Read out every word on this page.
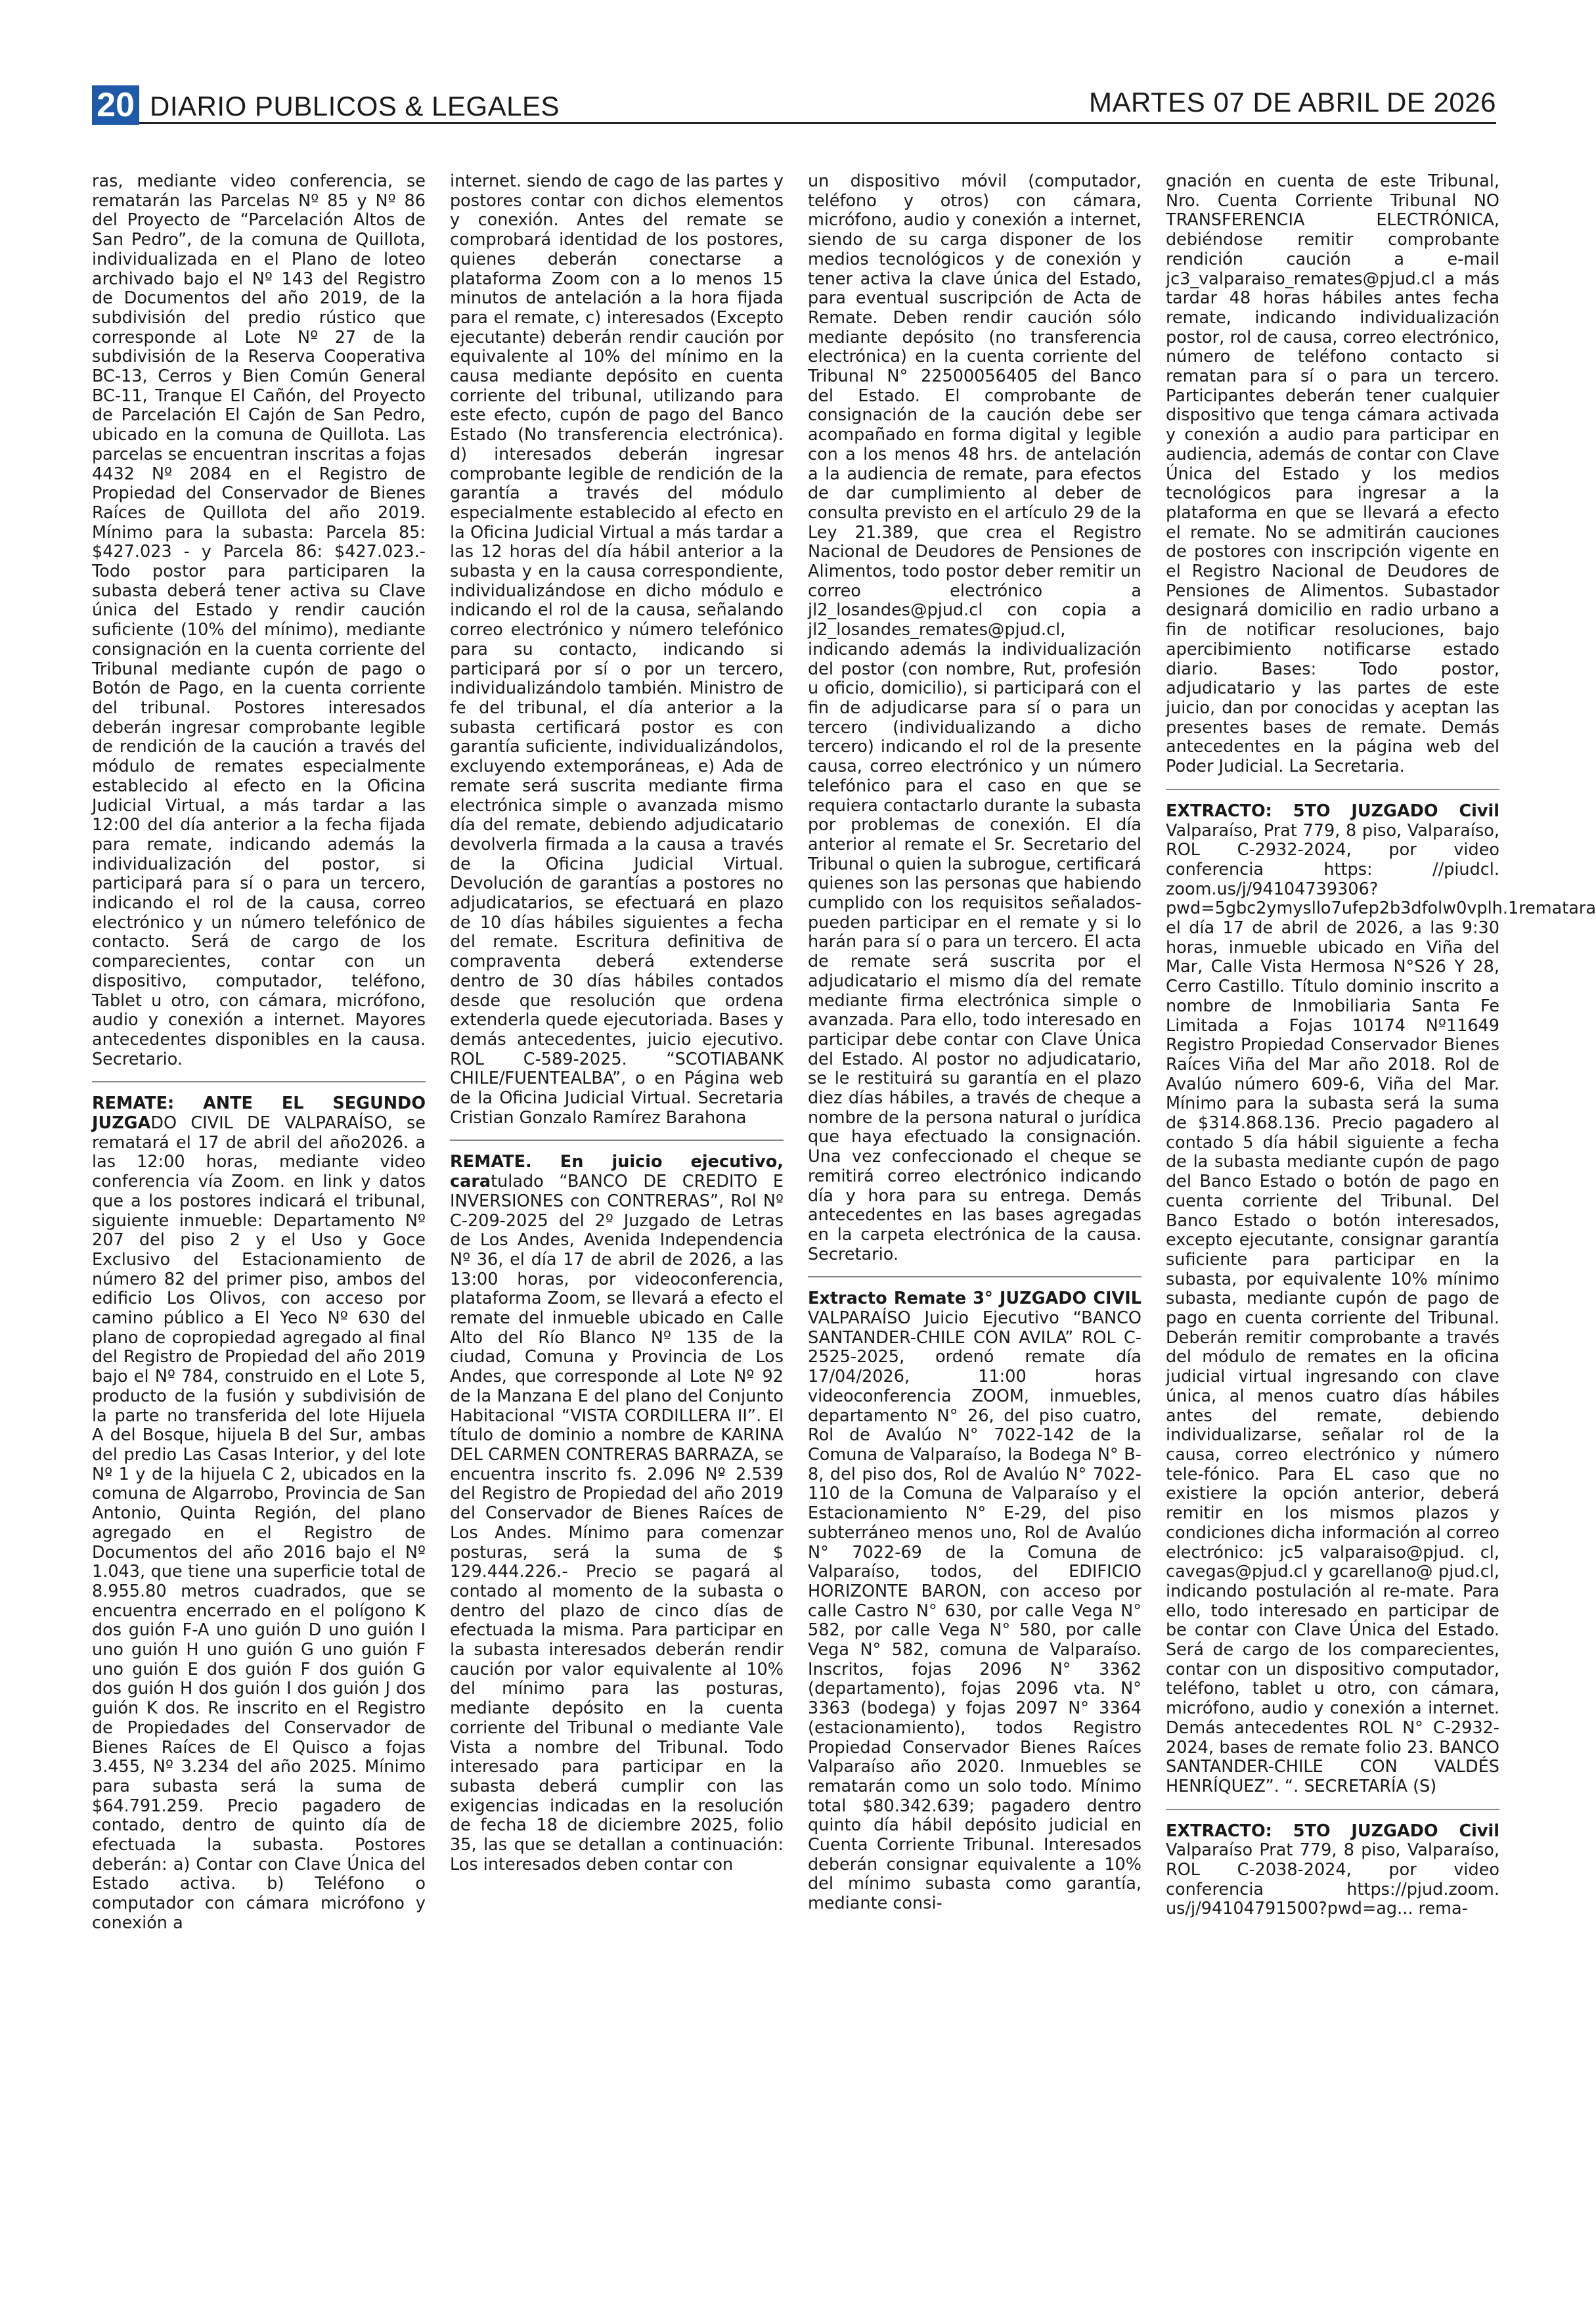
20 DIARIO PUBLICOS & LEGALES	MARTES 07 DE ABRIL DE 2026

ras, mediante video conferencia, se rematarán las Parcelas Nº 85 y Nº 86 del Proyecto de “Parcelación Altos de San Pedro”, de la comuna de Quillota, individualizada en el Plano de loteo archivado bajo el Nº 143 del Registro de Documentos del año 2019, de la subdivisión del predio rústico que corresponde al Lote Nº 27 de la subdivisión de la Reserva Cooperativa BC-13, Cerros y Bien Común General BC-11, Tranque El Cañón, del Proyecto de Parcelación El Cajón de San Pedro, ubicado en la comuna de Quillota. Las parcelas se encuentran inscritas a fojas 4432 Nº 2084 en el Registro de Propiedad del Conservador de Bienes Raíces de Quillota del año 2019. Mínimo para la subasta: Parcela 85: $427.023 - y Parcela 86: $427.023.-Todo postor para participaren la subasta deberá tener activa su Clave única del Estado y rendir caución suficiente (10% del mínimo), mediante consignación en la cuenta corriente del Tribunal mediante cupón de pago o Botón de Pago, en la cuenta corriente del tribunal. Postores interesados deberán ingresar comprobante legible de rendición de la caución a través del módulo de remates especialmente establecido al efecto en la Oficina Judicial Virtual, a más tardar a las 12:00 del día anterior a la fecha fijada para remate, indicando además la individualización del postor, si participará para sí o para un tercero, indicando el rol de la causa, correo electrónico y un número telefónico de contacto. Será de cargo de los comparecientes, contar con un dispositivo, computador, teléfono, Tablet u otro, con cámara, micrófono, audio y conexión a internet. Mayores antecedentes disponibles en la causa. Secretario.

REMATE: ANTE EL SEGUNDO JUZGADO CIVIL DE VALPARAÍSO, se rematará el 17 de abril del año2026. a las 12:00 horas, mediante video conferencia vía Zoom. en link y datos que a los postores indicará el tribunal, siguiente inmueble: Departamento Nº 207 del piso 2 y el Uso y Goce Exclusivo del Estacionamiento de número 82 del primer piso, ambos del edificio Los Olivos, con acceso por camino público a El Yeco Nº 630 del plano de copropiedad agregado al final del Registro de Propiedad del año 2019 bajo el Nº 784, construido en el Lote 5, producto de la fusión y subdivisión de la parte no transferida del lote Hijuela A del Bosque, hijuela B del Sur, ambas del predio Las Casas Interior, y del lote Nº 1 y de la hijuela C 2, ubicados en la comuna de Algarrobo, Provincia de San Antonio, Quinta Región, del plano agregado en el Registro de Documentos del año 2016 bajo el Nº 1.043, que tiene una superficie total de 8.955.80 metros cuadrados, que se encuentra encerrado en el polígono K dos guión F-A uno guión D uno guión I uno guión H uno guión G uno guión F uno guión E dos guión F dos guión G dos guión H dos guión I dos guión J dos guión K dos. Re inscrito en el Registro de Propiedades del Conservador de Bienes Raíces de El Quisco a fojas 3.455, Nº 3.234 del año 2025. Mínimo para subasta será la suma de $64.791.259. Precio pagadero de contado, dentro de quinto día de efectuada la subasta. Postores deberán: a) Contar con Clave Única del Estado activa. b) Teléfono o computador con cámara micrófono y conexión a

internet. siendo de cago de las partes y postores contar con dichos elementos y conexión. Antes del remate se comprobará identidad de los postores, quienes deberán conectarse a plataforma Zoom con a lo menos 15 minutos de antelación a la hora fijada para el remate, c) interesados (Excepto ejecutante) deberán rendir caución por equivalente al 10% del mínimo en la causa mediante depósito en cuenta corriente del tribunal, utilizando para este efecto, cupón de pago del Banco Estado (No transferencia electrónica). d) interesados deberán ingresar comprobante legible de rendición de la garantía a través del módulo especialmente establecido al efecto en la Oficina Judicial Virtual a más tardar a las 12 horas del día hábil anterior a la subasta y en la causa correspondiente, individualizándose en dicho módulo e indicando el rol de la causa, señalando correo electrónico y número telefónico para su contacto, indicando si participará por sí o por un tercero, individualizándolo también. Ministro de fe del tribunal, el día anterior a la subasta certificará postor es con garantía suficiente, individualizándolos, excluyendo extemporáneas, e) Ada de remate será suscrita mediante firma electrónica simple o avanzada mismo día del remate, debiendo adjudicatario devolverla firmada a la causa a través de la Oficina Judicial Virtual. Devolución de garantías a postores no adjudicatarios, se efectuará en plazo de 10 días hábiles siguientes a fecha del remate. Escritura definitiva de compraventa deberá extenderse dentro de 30 días hábiles contados desde que resolución que ordena extenderla quede ejecutoriada. Bases y demás antecedentes, juicio ejecutivo. ROL C-589-2025. “SCOTIABANK CHILE/FUENTEALBA”, o en Página web de la Oficina Judicial Virtual. Secretaria Cristian Gonzalo Ramírez Barahona

REMATE. En juicio ejecutivo, caratulado “BANCO DE CREDITO E INVERSIONES con CONTRERAS”, Rol Nº C-209-2025 del 2º Juzgado de Letras de Los Andes, Avenida Independencia Nº 36, el día 17 de abril de 2026, a las 13:00 horas, por videoconferencia, plataforma Zoom, se llevará a efecto el remate del inmueble ubicado en Calle Alto del Río Blanco Nº 135 de la ciudad, Comuna y Provincia de Los Andes, que corresponde al Lote Nº 92 de la Manzana E del plano del Conjunto Habitacional “VISTA CORDILLERA II”. El título de dominio a nombre de KARINA DEL CARMEN CONTRERAS BARRAZA, se encuentra inscrito fs. 2.096 Nº 2.539 del Registro de Propiedad del año 2019 del Conservador de Bienes Raíces de Los Andes. Mínimo para comenzar posturas, será la suma de $ 129.444.226.- Precio se pagará al contado al momento de la subasta o dentro del plazo de cinco días de efectuada la misma. Para participar en la subasta interesados deberán rendir caución por valor equivalente al 10% del mínimo para las posturas, mediante depósito en la cuenta corriente del Tribunal o mediante Vale Vista a nombre del Tribunal. Todo interesado para participar en la subasta deberá cumplir con las exigencias indicadas en la resolución de fecha 18 de diciembre 2025, folio 35, las que se detallan a continuación: Los interesados deben contar con

un dispositivo móvil (computador, teléfono y otros) con cámara, micrófono, audio y conexión a internet, siendo de su carga disponer de los medios tecnológicos y de conexión y tener activa la clave única del Estado, para eventual suscripción de Acta de Remate. Deben rendir caución sólo mediante depósito (no transferencia electrónica) en la cuenta corriente del Tribunal N° 22500056405 del Banco del Estado. El comprobante de consignación de la caución debe ser acompañado en forma digital y legible con a los menos 48 hrs. de antelación a la audiencia de remate, para efectos de dar cumplimiento al deber de consulta previsto en el artículo 29 de la Ley 21.389, que crea el Registro Nacional de Deudores de Pensiones de Alimentos, todo postor deber remitir un correo electrónico a jl2_losandes@pjud.cl con copia a jl2_losandes_remates@pjud.cl, indicando además la individualización del postor (con nombre, Rut, profesión u oficio, domicilio), si participará con el fin de adjudicarse para sí o para un tercero (individualizando a dicho tercero) indicando el rol de la presente causa, correo electrónico y un número telefónico para el caso en que se requiera contactarlo durante la subasta por problemas de conexión. El día anterior al remate el Sr. Secretario del Tribunal o quien la subrogue, certificará quienes son las personas que habiendo cumplido con los requisitos señalados- pueden participar en el remate y si lo harán para sí o para un tercero. El acta de remate será suscrita por el adjudicatario el mismo día del remate mediante firma electrónica simple o avanzada. Para ello, todo interesado en participar debe contar con Clave Única del Estado. Al postor no adjudicatario, se le restituirá su garantía en el plazo diez días hábiles, a través de cheque a nombre de la persona natural o jurídica que haya efectuado la consignación. Una vez confeccionado el cheque se remitirá correo electrónico indicando día y hora para su entrega. Demás antecedentes en las bases agregadas en la carpeta electrónica de la causa. Secretario.

Extracto Remate 3° JUZGADO CIVIL VALPARAÍSO Juicio Ejecutivo “BANCO SANTANDER-CHILE CON AVILA” ROL C-2525-2025, ordenó remate día 17/04/2026, 11:00 horas videoconferencia ZOOM, inmuebles, departamento N° 26, del piso cuatro, Rol de Avalúo N° 7022-142 de la Comuna de Valparaíso, la Bodega N° B-8, del piso dos, Rol de Avalúo N° 7022-110 de la Comuna de Valparaíso y el Estacionamiento N° E-29, del piso subterráneo menos uno, Rol de Avalúo N° 7022-69 de la Comuna de Valparaíso, todos, del EDIFICIO HORIZONTE BARON, con acceso por calle Castro N° 630, por calle Vega N° 582, por calle Vega N° 580, por calle Vega N° 582, comuna de Valparaíso. Inscritos, fojas 2096 N° 3362 (departamento), fojas 2096 vta. N° 3363 (bodega) y fojas 2097 N° 3364 (estacionamiento), todos Registro Propiedad Conservador Bienes Raíces Valparaíso año 2020. Inmuebles se rematarán como un solo todo. Mínimo total $80.342.639; pagadero dentro quinto día hábil depósito judicial en Cuenta Corriente Tribunal. Interesados deberán consignar equivalente a 10% del mínimo subasta como garantía, mediante consi-

gnación en cuenta de este Tribunal, Nro. Cuenta Corriente Tribunal NO TRANSFERENCIA ELECTRÓNICA, debiéndose remitir comprobante rendición caución a e-mail jc3_valparaiso_remates@pjud.cl a más tardar 48 horas hábiles antes fecha remate, indicando individualización postor, rol de causa, correo electrónico, número de teléfono contacto si rematan para sí o para un tercero. Participantes deberán tener cualquier dispositivo que tenga cámara activada y conexión a audio para participar en audiencia, además de contar con Clave Única del Estado y los medios tecnológicos para ingresar a la plataforma en que se llevará a efecto el remate. No se admitirán cauciones de postores con inscripción vigente en el Registro Nacional de Deudores de Pensiones de Alimentos. Subastador designará domicilio en radio urbano a fin de notificar resoluciones, bajo apercibimiento notificarse estado diario. Bases: Todo postor, adjudicatario y las partes de este juicio, dan por conocidas y aceptan las presentes bases de remate. Demás antecedentes en la página web del Poder Judicial. La Secretaria.

EXTRACTO: 5TO JUZGADO Civil Valparaíso, Prat 779, 8 piso, Valparaíso, ROL C-2932-2024, por video conferencia https: //piudcl. zoom.us/j/94104739306?pwd=5gbc2ymysllo7ufep2b3dfolw0vplh.1rematara el día 17 de abril de 2026, a las 9:30 horas, inmueble ubicado en Viña del Mar, Calle Vista Hermosa N°S26 Y 28, Cerro Castillo. Título dominio inscrito a nombre de Inmobiliaria Santa Fe Limitada a Fojas 10174 Nº11649 Registro Propiedad Conservador Bienes Raíces Viña del Mar año 2018. Rol de Avalúo número 609-6, Viña del Mar. Mínimo para la subasta será la suma de $314.868.136. Precio pagadero al contado 5 día hábil siguiente a fecha de la subasta mediante cupón de pago del Banco Estado o botón de pago en cuenta corriente del Tribunal. Del Banco Estado o botón interesados, excepto ejecutante, consignar garantía suficiente para participar en la subasta, por equivalente 10% mínimo subasta, mediante cupón de pago de pago en cuenta corriente del Tribunal. Deberán remitir comprobante a través del módulo de remates en la oficina judicial virtual ingresando con clave única, al menos cuatro días hábiles antes del remate, debiendo individualizarse, señalar rol de la causa, correo electrónico y número tele-fónico. Para EL caso que no existiere la opción anterior, deberá remitir en los mismos plazos y condiciones dicha información al correo electrónico: jc5 valparaiso@pjud. cl, cavegas@pjud.cl y gcarellano@ pjud.cl, indicando postulación al re-mate. Para ello, todo interesado en participar de be contar con Clave Única del Estado. Será de cargo de los comparecientes, contar con un dispositivo computador, teléfono, tablet u otro, con cámara, micrófono, audio y conexión a internet. Demás antecedentes ROL N° C-2932-2024, bases de remate folio 23. BANCO SANTANDER-CHILE CON VALDÉS HENRÍQUEZ”. “. SECRETARÍA (S)

EXTRACTO: 5TO JUZGADO Civil Valparaíso Prat 779, 8 piso, Valparaíso, ROL C-2038-2024, por video conferencia https://pjud.zoom. us/j/94104791500?pwd=ag... rema-
